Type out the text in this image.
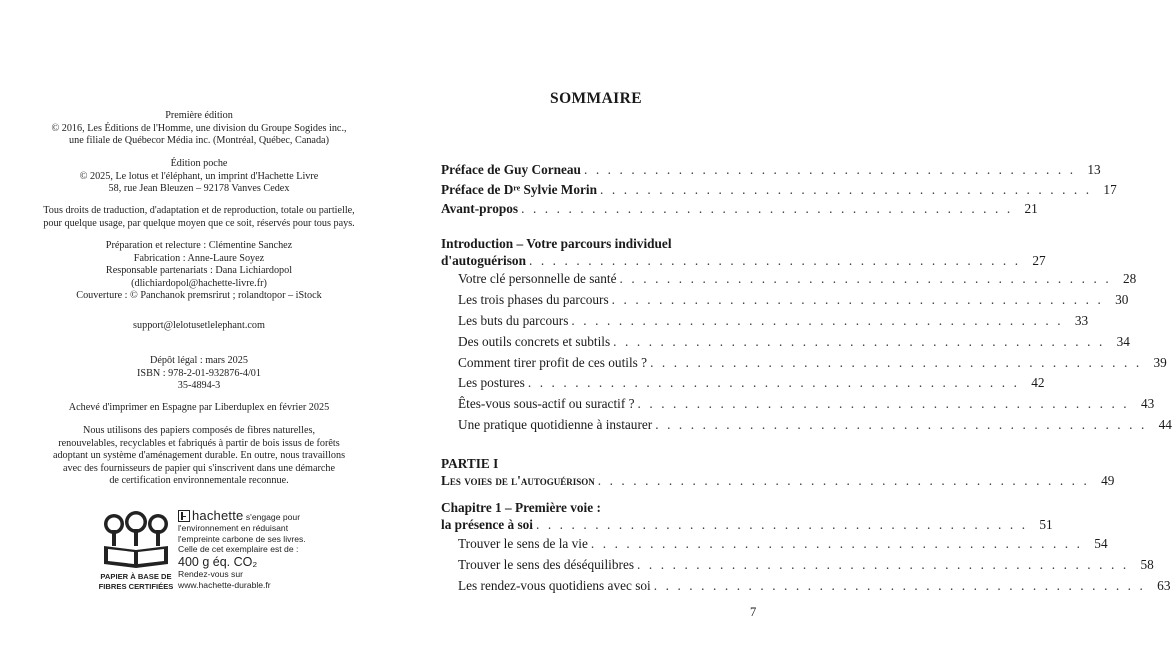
Première édition
© 2016, Les Éditions de l'Homme, une division du Groupe Sogides inc.,
une filiale de Québecor Média inc. (Montréal, Québec, Canada)
Édition poche
© 2025, Le lotus et l'éléphant, un imprint d'Hachette Livre
58, rue Jean Bleuzen – 92178 Vanves Cedex
Tous droits de traduction, d'adaptation et de reproduction, totale ou partielle,
pour quelque usage, par quelque moyen que ce soit, réservés pour tous pays.
Préparation et relecture : Clémentine Sanchez
Fabrication : Anne-Laure Soyez
Responsable partenariats : Dana Lichiardopol
(dlichiardopol@hachette-livre.fr)
Couverture : © Panchanok premsrirut ; rolandtopor – iStock
support@lelotusetlelephant.com
Dépôt légal : mars 2025
ISBN : 978-2-01-932876-4/01
35-4894-3
Achevé d'imprimer en Espagne par Liberduplex en février 2025
Nous utilisons des papiers composés de fibres naturelles,
renouvelables, recyclables et fabriqués à partir de bois issus de forêts
adoptant un système d'aménagement durable. En outre, nous travaillons
avec des fournisseurs de papier qui s'inscrivent dans une démarche
de certification environnementale reconnue.
PAPIER À BASE DE
FIBRES CERTIFIÉES
hachette s'engage pour
l'environnement en réduisant
l'empreinte carbone de ses livres.
Celle de cet exemplaire est de :
400 g éq. CO₂
Rendez-vous sur
www.hachette-durable.fr
SOMMAIRE
Préface de Guy Corneau . . . . . . . . . . . . . . . . . . . . . . . . . . . . . . . . . . . . . . . . . . 13
Préface de Dʳᵉ Sylvie Morin . . . . . . . . . . . . . . . . . . . . . . . . . . . . . . . . . . . . . . . . . . 17
Avant-propos . . . . . . . . . . . . . . . . . . . . . . . . . . . . . . . . . . . . . . . . . . 21
Introduction – Votre parcours individuel
d'autoguérison . . . . . . . . . . . . . . . . . . . . . . . . . . . . . . . . . . . . . . . . . . 27
Votre clé personnelle de santé . . . . . . . . . . . . . . . . . . . . . . . . . . . . . . . . . . . . . . . . . . 28
Les trois phases du parcours . . . . . . . . . . . . . . . . . . . . . . . . . . . . . . . . . . . . . . . . . . 30
Les buts du parcours . . . . . . . . . . . . . . . . . . . . . . . . . . . . . . . . . . . . . . . . . . 33
Des outils concrets et subtils . . . . . . . . . . . . . . . . . . . . . . . . . . . . . . . . . . . . . . . . . . 34
Comment tirer profit de ces outils ? . . . . . . . . . . . . . . . . . . . . . . . . . . . . . . . . . . . . . . . . . . 39
Les postures . . . . . . . . . . . . . . . . . . . . . . . . . . . . . . . . . . . . . . . . . . 42
Êtes-vous sous-actif ou suractif ? . . . . . . . . . . . . . . . . . . . . . . . . . . . . . . . . . . . . . . . . . . 43
Une pratique quotidienne à instaurer . . . . . . . . . . . . . . . . . . . . . . . . . . . . . . . . . . . . . . . . . . 44
PARTIE I
Les voies de l'autoguérison . . . . . . . . . . . . . . . . . . . . . . . . . . . . . . . . . . . . . . . . . . 49
Chapitre 1 – Première voie :
la présence à soi . . . . . . . . . . . . . . . . . . . . . . . . . . . . . . . . . . . . . . . . . . 51
Trouver le sens de la vie . . . . . . . . . . . . . . . . . . . . . . . . . . . . . . . . . . . . . . . . . . 54
Trouver le sens des déséquilibres . . . . . . . . . . . . . . . . . . . . . . . . . . . . . . . . . . . . . . . . . . 58
Les rendez-vous quotidiens avec soi . . . . . . . . . . . . . . . . . . . . . . . . . . . . . . . . . . . . . . . . . . 63
7
